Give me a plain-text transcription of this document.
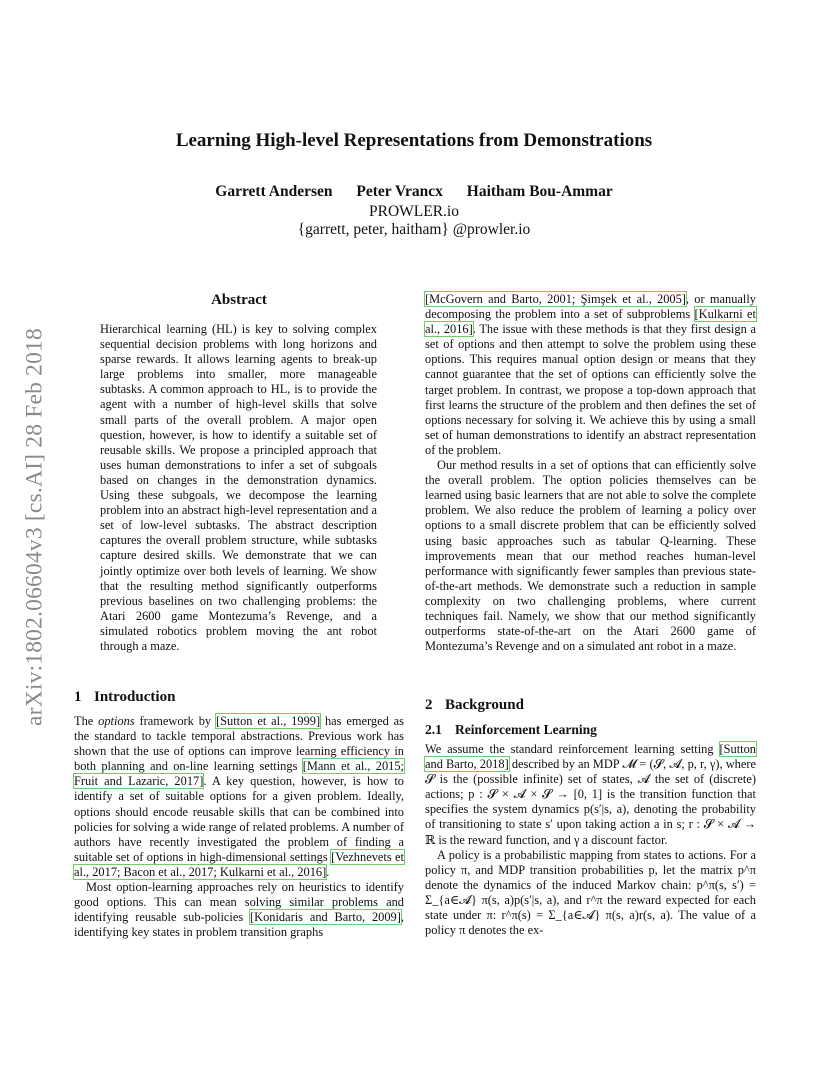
arXiv:1802.06604v3 [cs.AI] 28 Feb 2018
Learning High-level Representations from Demonstrations
Garrett Andersen Peter Vrancx Haitham Bou-Ammar
PROWLER.io
{garrett, peter, haitham} @prowler.io
Abstract

Hierarchical learning (HL) is key to solving complex sequential decision problems with long horizons and sparse rewards. It allows learning agents to break-up large problems into smaller, more manageable subtasks. A common approach to HL, is to provide the agent with a number of high-level skills that solve small parts of the overall problem. A major open question, however, is how to identify a suitable set of reusable skills. We propose a principled approach that uses human demonstrations to infer a set of subgoals based on changes in the demonstration dynamics. Using these subgoals, we decompose the learning problem into an abstract high-level representation and a set of low-level subtasks. The abstract description captures the overall problem structure, while subtasks capture desired skills. We demonstrate that we can jointly optimize over both levels of learning. We show that the resulting method significantly outperforms previous baselines on two challenging problems: the Atari 2600 game Montezuma’s Revenge, and a simulated robotics problem moving the ant robot through a maze.

1 Introduction

The options framework by [Sutton et al., 1999] has emerged as the standard to tackle temporal abstractions. Previous work has shown that the use of options can improve learning efficiency in both planning and on-line learning settings [Mann et al., 2015; Fruit and Lazaric, 2017]. A key question, however, is how to identify a set of suitable options for a given problem. Ideally, options should encode reusable skills that can be combined into policies for solving a wide range of related problems. A number of authors have recently investigated the problem of finding a suitable set of options in high-dimensional settings [Vezhnevets et al., 2017; Bacon et al., 2017; Kulkarni et al., 2016].

Most option-learning approaches rely on heuristics to identify good options. This can mean solving similar problems and identifying reusable sub-policies [Konidaris and Barto, 2009], identifying key states in problem transition graphs

[McGovern and Barto, 2001; Şimşek et al., 2005], or manually decomposing the problem into a set of subproblems [Kulkarni et al., 2016]. The issue with these methods is that they first design a set of options and then attempt to solve the problem using these options. This requires manual option design or means that they cannot guarantee that the set of options can efficiently solve the target problem. In contrast, we propose a top-down approach that first learns the structure of the problem and then defines the set of options necessary for solving it. We achieve this by using a small set of human demonstrations to identify an abstract representation of the problem.

Our method results in a set of options that can efficiently solve the overall problem. The option policies themselves can be learned using basic learners that are not able to solve the complete problem. We also reduce the problem of learning a policy over options to a small discrete problem that can be efficiently solved using basic approaches such as tabular Q-learning. These improvements mean that our method reaches human-level performance with significantly fewer samples than previous state-of-the-art methods. We demonstrate such a reduction in sample complexity on two challenging problems, where current techniques fail. Namely, we show that our method significantly outperforms state-of-the-art on the Atari 2600 game of Montezuma’s Revenge and on a simulated ant robot in a maze.

2 Background
2.1 Reinforcement Learning

We assume the standard reinforcement learning setting [Sutton and Barto, 2018] described by an MDP 𝓜 = (𝓢, 𝓐, p, r, γ), where 𝓢 is the (possible infinite) set of states, 𝓐 the set of (discrete) actions; p : 𝓢 × 𝓐 × 𝓢 → [0, 1] is the transition function that specifies the system dynamics p(s′|s, a), denoting the probability of transitioning to state s′ upon taking action a in s; r : 𝓢 × 𝓐 → ℝ is the reward function, and γ a discount factor.

A policy is a probabilistic mapping from states to actions. For a policy π, and MDP transition probabilities p, let the matrix p^π denote the dynamics of the induced Markov chain: p^π(s, s′) = Σ_{a∈𝓐} π(s, a)p(s′|s, a), and r^π the reward expected for each state under π: r^π(s) = Σ_{a∈𝓐} π(s, a)r(s, a). The value of a policy π denotes the ex-
